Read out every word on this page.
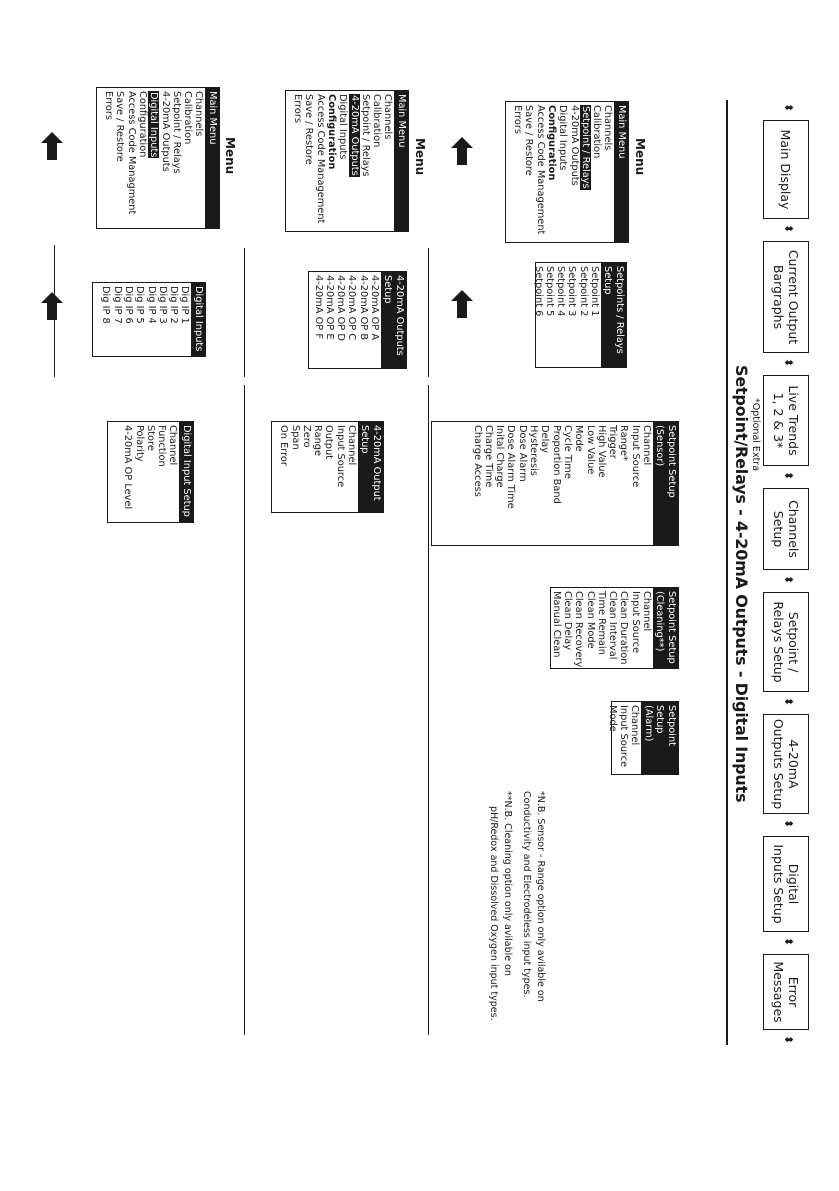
⬍
Main Display
⬍
Current Output
Bargraphs
⬍
Live Trends
1, 2 & 3*
⬍
Channels
Setup
⬍
Setpoint /
Relays Setup
⬍
4-20mA
Outputs Setup
⬍
Digital
Inputs Setup
⬍
Error
Messages
⬍
*Optional Extra
Setpoint/Relays - 4-20mA Outputs - Digital Inputs
*N.B. Sensor - Range option only avilable on
Conductivity and Electrodeless input types.
**N.B. Cleaning option only avilable on
pH/Redox and Dissolved Oxygen input types.
Menu
Main Menu
Channels
Calibration
Setpoint / Relays
4-20mA Outputs
Digital Inputs
Configuration
Access Code Management
Save / Restore
Errors
Setpoints / Relays
Setup
Setpoint 1
Setpoint 2
Setpoint 3
Setpoint 4
Setpoint 5
Setpoint 6
Setpoint Setup (Sensor)
Channel
Input Source
Range*
Trigger
High Value
Low Value
Mode
Cycle Time
Proportion Band
Delay
Hysteresis
Dose Alarm
Dose Alarm Time
Inital Charge
Charge Time
Charge Access
Setpoint Setup
(Cleaning**)
Channel
Input Source
Clean Duration
Clean Interval
Time Remain
Clean Mode
Clean Recovery
Clean Delay
Manual Clean
Setpoint Setup
(Alarm)
Channel
Input Source
Mode
Menu
Main Menu
Channels
Calibration
Setpoint / Relays
4-20mA Outputs
Digital Inputs
Configuration
Access Code Management
Save / Restore
Errors
4-20mA Outputs
Setup
4-20mA OP A
4-20mA OP B
4-20mA OP C
4-20mA OP D
4-20mA OP E
4-20mA OP F
4-20mA Output
Setup
Channel
Input Source
Output
Range
Zero
Span
On Error
Menu
Main Menu
Channels
Calibration
Setpoint / Relays
4-20mA Outputs
Digital Inputs
Configuration
Access Code Managment
Save / Restore
Errors
Digital Inputs
Dig IP 1
Dig IP 2
Dig IP 3
Dig IP 4
Dig IP 5
Dig IP 6
Dig IP 7
Dig IP 8
Digital Input Setup
Channel
Function
Store
Polarity
4-20mA OP Level
